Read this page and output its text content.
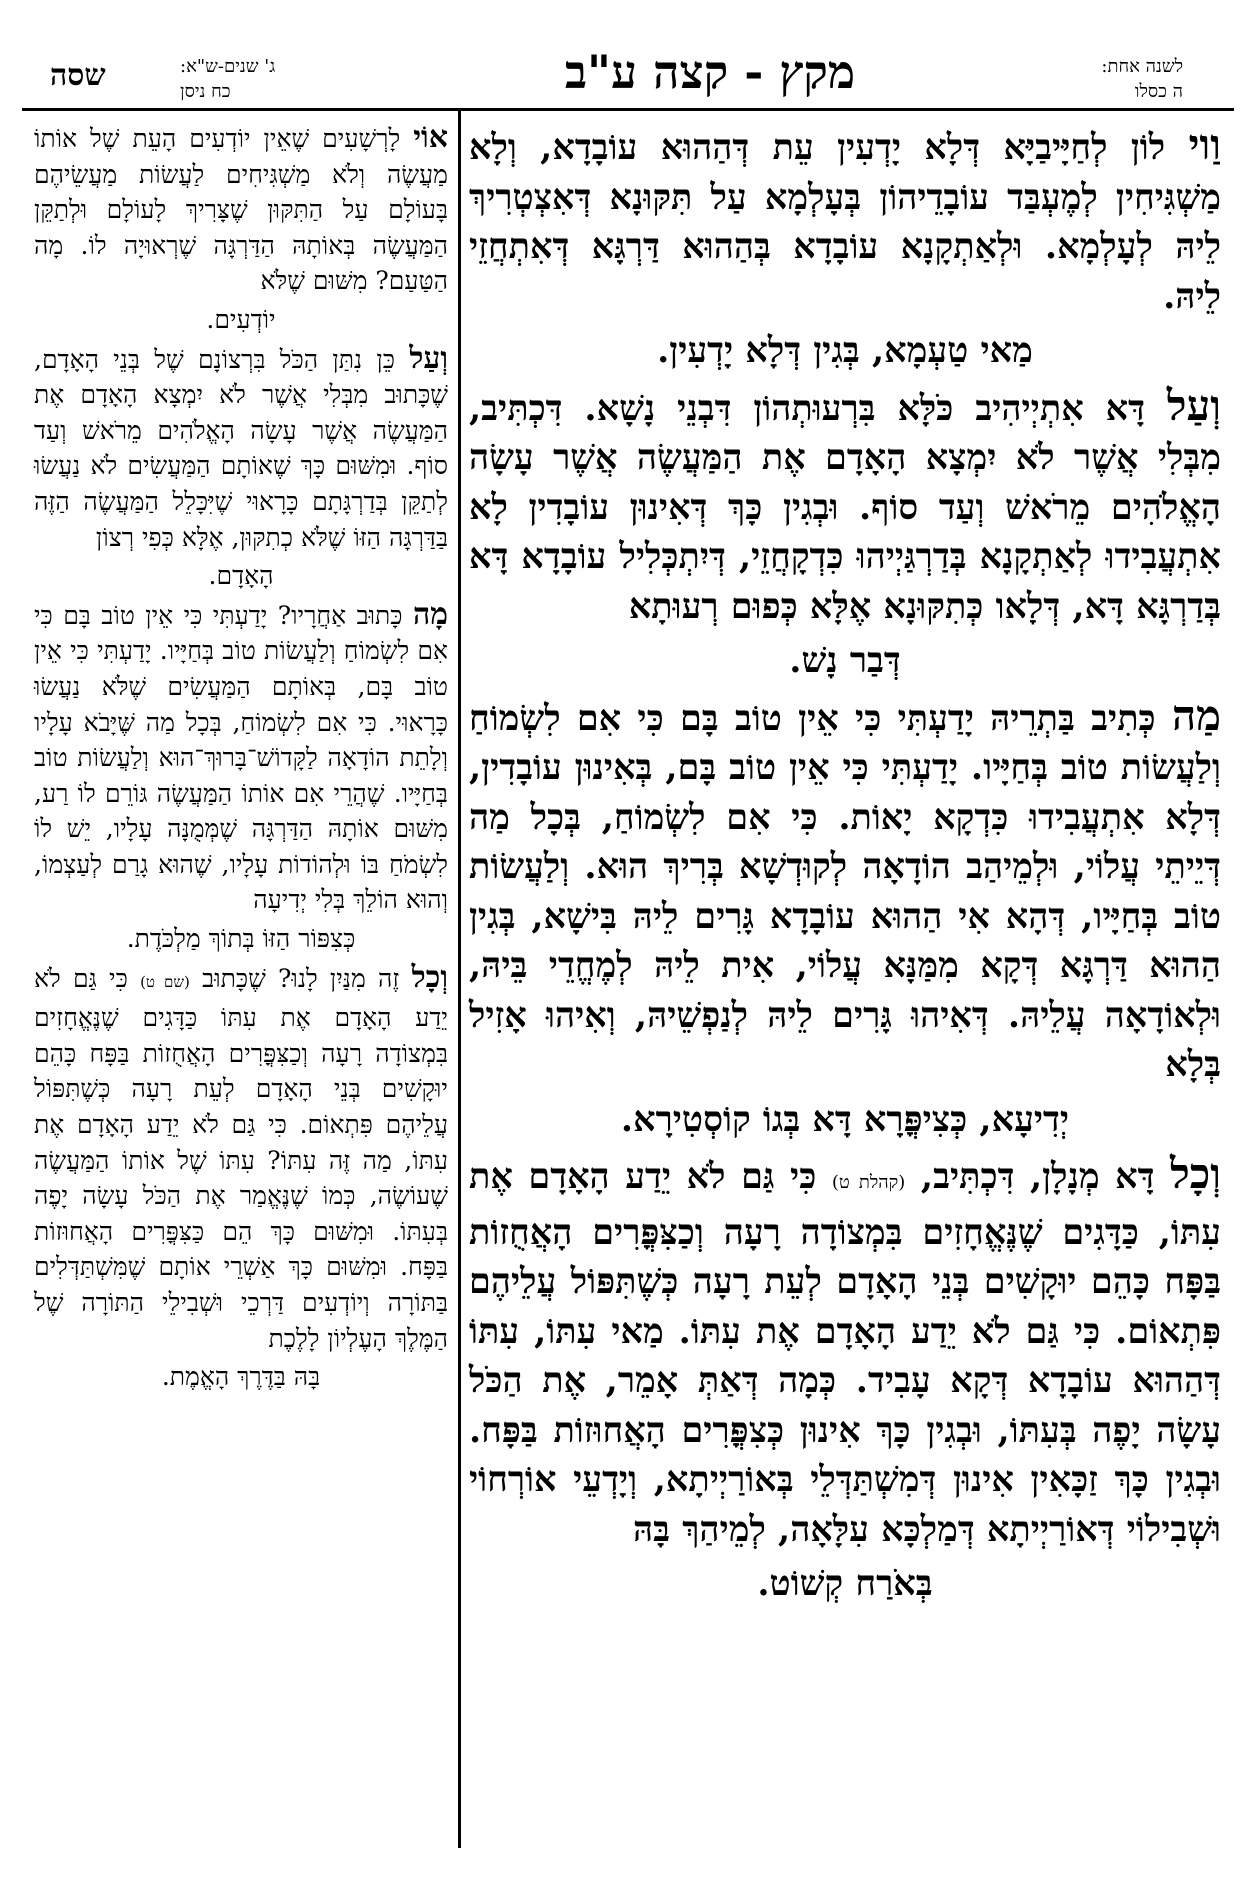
לשנה אחת:
ה כסלו
מקץ - קצה ע"ב
ג' שנים-ש"א:
כח ניסן
שסה

וַוי לוֹן לְחַיָּיבַיָּא דְּלָא יָדְעִין עֵת דְּהַהוּא עוֹבָדָא, וְלָא מַשְׁגִּיחִין לְמֶעְבַּד עוֹבָדֵיהוֹן בְּעָלְמָא עַל תִּקּוּנָא דְּאִצְטְרִיךְ לֵיהּ לְעָלְמָא. וּלְאַתְקָנָא עוֹבָדָא בְּהַהוּא דַּרְגָּא דְּאִתְחֲזֵי לֵיהּ.

מַאי טַעְמָא, בְּגִין דְּלָא יָדְעִין.

וְעַל דָּא אִתְיְיהִיב כֹּלָּא בִּרְעוּתְהוֹן דִּבְנֵי נָשָׁא. דִּכְתִּיב, מִבְּלִי אֲשֶׁר לֹא יִמְצָא הָאָדָם אֶת הַמַּעֲשֶׂה אֲשֶׁר עָשָׂה הָאֱלֹהִים מֵרֹאשׁ וְעַד סוֹף. וּבְגִין כָּךְ דְּאִינוּן עוֹבָדִין לָא אִתְעֲבִידוּ לְאַתְקָנָא בְּדַרְגַּיְיהוּ כִּדְקָחֲזֵי, דְּיִתְכְּלִיל עוֹבָדָא דָּא בְּדַרְגָּא דָּא, דְּלָאו כְּתִקּוּנָא אֶלָּא כְּפוּם רְעוּתָא

דְּבַר נָשׁ.

מַה כְּתִיב בַּתְרֵיהּ יָדַעְתִּי כִּי אֵין טוֹב בָּם כִּי אִם לִשְׂמוֹחַ וְלַעֲשׂוֹת טוֹב בְּחַיָּיו. יָדַעְתִּי כִּי אֵין טוֹב בָּם, בְּאִינוּן עוֹבָדִין, דְּלָא אִתְעֲבִידוּ כִּדְקָא יָאוֹת. כִּי אִם לִשְׂמוֹחַ, בְּכָל מַה דְּיֵיתֵי עֲלוֹי, וּלְמֵיהַב הוֹדָאָה לְקוּדְשָׁא בְּרִיךְ הוּא. וְלַעֲשׂוֹת טוֹב בְּחַיָּיו, דְּהָא אִי הַהוּא עוֹבָדָא גָּרִים לֵיהּ בִּישָׁא, בְּגִין הַהוּא דַּרְגָּא דְּקָא מִמַּנָּא עֲלוֹי, אִית לֵיהּ לְמֶחֱדֵי בֵּיהּ, וּלְאוֹדָאָה עֲלֵיהּ. דְּאִיהוּ גָּרִים לֵיהּ לְנַפְשֵׁיהּ, וְאִיהוּ אָזִיל בְּלָא

יְדִיעָא, כְּצִיפֳּרָא דָּא בְּגוֹ קוֹסְטִירָא.

וְכָל דָּא מְנָלָן, דִּכְתִּיב, (קהלת ט) כִּי גַּם לֹא יֵדַע הָאָדָם אֶת עִתּוֹ, כַּדָּגִים שֶׁנֶּאֱחָזִים בִּמְצוֹדָה רָעָה וְכַצִּפֳּרִים הָאֲחֻזוֹת בַּפָּח כָּהֵם יוּקָשִׁים בְּנֵי הָאָדָם לְעֵת רָעָה כְּשֶׁתִּפּוֹל עֲלֵיהֶם פִּתְאוֹם. כִּי גַּם לֹא יֵדַע הָאָדָם אֶת עִתּוֹ. מַאי עִתּוֹ, עִתּוֹ דְּהַהוּא עוֹבָדָא דְּקָא עָבִיד. כְּמָה דְּאַתְּ אָמֵר, אֶת הַכֹּל עָשָׂה יָפֶה בְּעִתּוֹ, וּבְגִין כָּךְ אִינוּן כְּצִפֳּרִים הָאֲחוּזוֹת בַּפָּח. וּבְגִין כָּךְ זַכָּאִין אִינוּן דְּמִשְׁתַּדְּלֵי בְּאוֹרַיְיתָא, וְיָדְעֵי אוֹרְחוֹי וּשְׁבִילוֹי דְּאוֹרַיְיתָא דְּמַלְכָּא עִלָּאָה, לְמֵיהַךְ בָּהּ

בְּאֹרַח קְשׁוֹט.

אוֹי לָרְשָׁעִים שֶׁאֵין יוֹדְעִים הָעֵת שֶׁל אוֹתוֹ מַעֲשֶׂה וְלֹא מַשְׁגִּיחִים לַעֲשׂוֹת מַעֲשֵׂיהֶם בָּעוֹלָם עַל הַתִּקּוּן שֶׁצָּרִיךְ לָעוֹלָם וּלְתַקֵּן הַמַּעֲשֶׂה בְּאוֹתָהּ הַדַּרְגָּה שֶׁרְאוּיָה לוֹ. מָה הַטַּעַם? מִשּׁוּם שֶׁלֹּא

יוֹדְעִים.

וְעַל כֵּן נִתַּן הַכֹּל בִּרְצוֹנָם שֶׁל בְּנֵי הָאָדָם, שֶׁכָּתוּב מִבְּלִי אֲשֶׁר לֹא יִמְצָא הָאָדָם אֶת הַמַּעֲשֶׂה אֲשֶׁר עָשָׂה הָאֱלֹהִים מֵרֹאשׁ וְעַד סוֹף. וּמִשּׁוּם כָּךְ שֶׁאוֹתָם הַמַּעֲשִׂים לֹא נַעֲשׂוּ לְתַקֵּן בְּדַרְגָּתָם כָּרָאוּי שֶׁיִּכָּלֵל הַמַּעֲשֶׂה הַזֶּה בַּדַּרְגָּה הַזּוֹ שֶׁלֹּא כְתִקּוּן, אֶלָּא כְּפִי רְצוֹן

הָאָדָם.

מָה כָּתוּב אַחֲרָיו? יָדַעְתִּי כִּי אֵין טוֹב בָּם כִּי אִם לִשְׂמוֹחַ וְלַעֲשׂוֹת טוֹב בְּחַיָּיו. יָדַעְתִּי כִּי אֵין טוֹב בָּם, בְּאוֹתָם הַמַּעֲשִׂים שֶׁלֹּא נַעֲשׂוּ כָּרָאוּי. כִּי אִם לִשְׂמוֹחַ, בְּכָל מַה שֶּׁיָּבֹא עָלָיו וְלָתֵת הוֹדָאָה לַקָּדוֹשׁ־בָּרוּךְ־הוּא וְלַעֲשׂוֹת טוֹב בְּחַיָּיו. שֶׁהֲרֵי אִם אוֹתוֹ הַמַּעֲשֶׂה גּוֹרֵם לוֹ רַע, מִשּׁוּם אוֹתָהּ הַדַּרְגָּה שֶׁמְּמֻנָּה עָלָיו, יֵשׁ לוֹ לִשְׂמֹחַ בּוֹ וּלְהוֹדוֹת עָלָיו, שֶׁהוּא גָרַם לְעַצְמוֹ, וְהוּא הוֹלֵךְ בְּלִי יְדִיעָה

כְּצִפּוֹר הַזּוֹ בְּתוֹךְ מַלְכֹּדֶת.

וְכָל זֶה מִנַּיִן לָנוּ? שֶׁכָּתוּב (שם ט) כִּי גַּם לֹא יֵדַע הָאָדָם אֶת עִתּוֹ כַּדָּגִים שֶׁנֶּאֱחָזִים בִּמְצוֹדָה רָעָה וְכַצִּפֳּרִים הָאֲחֻזוֹת בַּפָּח כָּהֵם יוּקָשִׁים בְּנֵי הָאָדָם לְעֵת רָעָה כְּשֶׁתִּפּוֹל עֲלֵיהֶם פִּתְאוֹם. כִּי גַּם לֹא יֵדַע הָאָדָם אֶת עִתּוֹ, מַה זֶּה עִתּוֹ? עִתּוֹ שֶׁל אוֹתוֹ הַמַּעֲשֶׂה שֶׁעוֹשֶׂה, כְּמוֹ שֶׁנֶּאֱמַר אֶת הַכֹּל עָשָׂה יָפֶה בְּעִתּוֹ. וּמִשּׁוּם כָּךְ הֵם כַּצִּפֳּרִים הָאֲחוּזוֹת בַּפָּח. וּמִשּׁוּם כָּךְ אַשְׁרֵי אוֹתָם שֶׁמִּשְׁתַּדְּלִים בַּתּוֹרָה וְיוֹדְעִים דַּרְכֵי וּשְׁבִילֵי הַתּוֹרָה שֶׁל הַמֶּלֶךְ הָעֶלְיוֹן לָלֶכֶת

בָּהּ בַּדֶּרֶךְ הָאֱמֶת.
